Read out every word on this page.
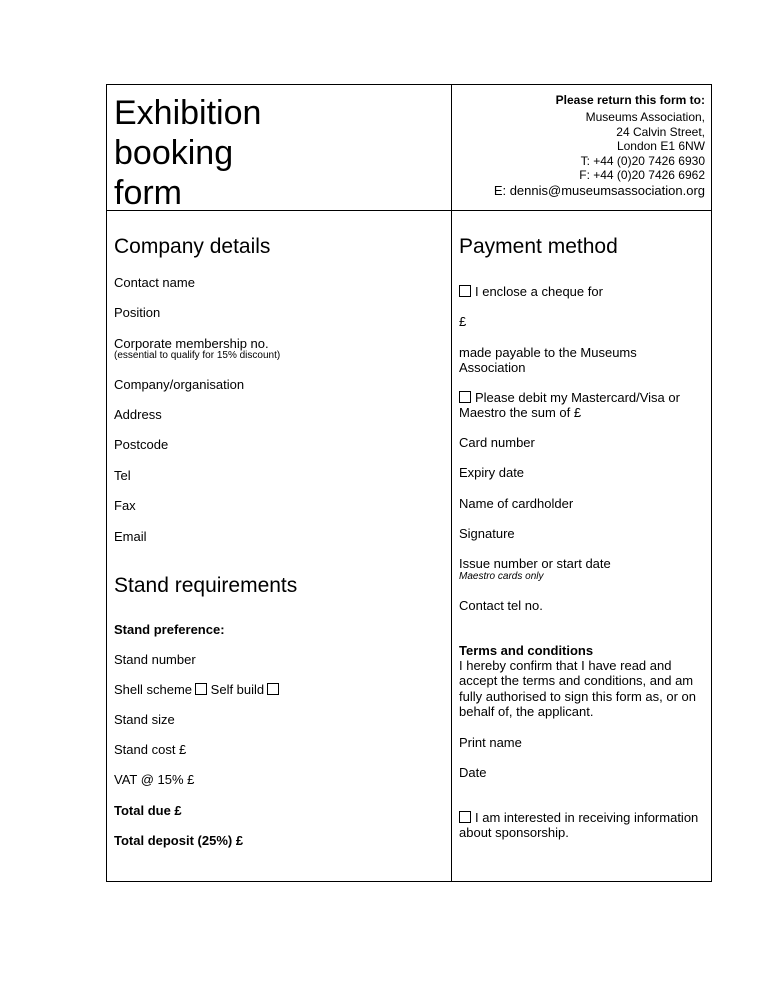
Exhibition
booking
form
Please return this form to:
Museums Association,
24 Calvin Street,
London E1 6NW
T: +44 (0)20 7426 6930
F: +44 (0)20 7426 6962
E: dennis@museumsassociation.org
Company details
Contact name
Position
Corporate membership no.
(essential to qualify for 15% discount)
Company/organisation
Address
Postcode
Tel
Fax
Email
Stand requirements
Stand preference:
Stand number
Shell scheme Self build
Stand size
Stand cost £
VAT @ 15% £
Total due £
Total deposit (25%) £
Payment method
I enclose a cheque for
£
made payable to the Museums
Association
Please debit my Mastercard/Visa or
Maestro the sum of £
Card number
Expiry date
Name of cardholder
Signature
Issue number or start date
Maestro cards only
Contact tel no.
Terms and conditions
I hereby confirm that I have read and
accept the terms and conditions, and am
fully authorised to sign this form as, or on
behalf of, the applicant.
Print name
Date
I am interested in receiving information
about sponsorship.
